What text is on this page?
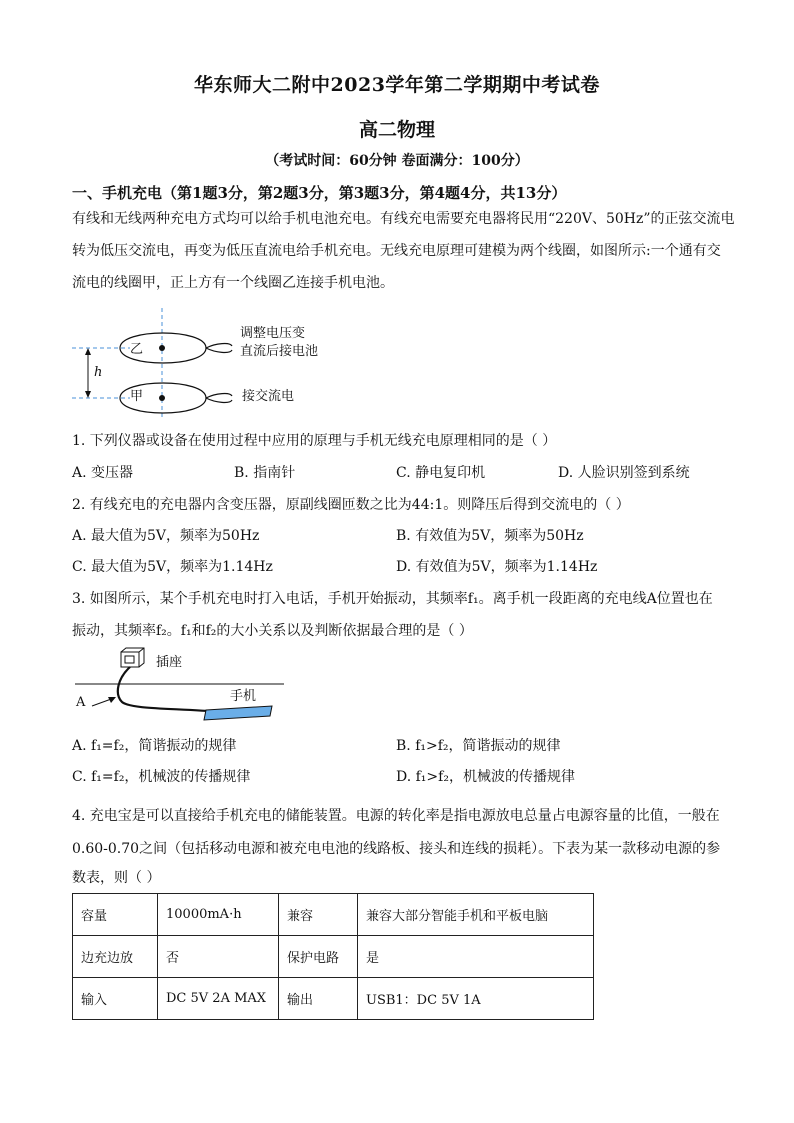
华东师大二附中2023学年第二学期期中考试卷
高二物理
（考试时间：60分钟 卷面满分：100分）
一、手机充电（第1题3分，第2题3分，第3题3分，第4题4分，共13分）
有线和无线两种充电方式均可以给手机电池充电。有线充电需要充电器将民用“220V、50Hz”的正弦交流电
转为低压交流电，再变为低压直流电给手机充电。无线充电原理可建模为两个线圈，如图所示:一个通有交
流电的线圈甲，正上方有一个线圈乙连接手机电池。
h
乙
甲
调整电压变
直流后接电池
接交流电
1. 下列仪器或设备在使用过程中应用的原理与手机无线充电原理相同的是（ ）
A. 变压器	B. 指南针	C. 静电复印机	D. 人脸识别签到系统
2. 有线充电的充电器内含变压器，原副线圈匝数之比为44:1。则降压后得到交流电的（ ）
A. 最大值为5V，频率为50Hz	B. 有效值为5V，频率为50Hz
C. 最大值为5V，频率为1.14Hz	D. 有效值为5V，频率为1.14Hz
3. 如图所示，某个手机充电时打入电话，手机开始振动，其频率f₁。离手机一段距离的充电线A位置也在
振动，其频率f₂。f₁和f₂的大小关系以及判断依据最合理的是（ ）
插座
手机
A
A. f₁=f₂，简谐振动的规律	B. f₁>f₂，简谐振动的规律
C. f₁=f₂，机械波的传播规律	D. f₁>f₂，机械波的传播规律
4. 充电宝是可以直接给手机充电的储能装置。电源的转化率是指电源放电总量占电源容量的比值，一般在
0.60-0.70之间（包括移动电源和被充电电池的线路板、接头和连线的损耗）。下表为某一款移动电源的参
数表，则（ ）
容量	10000mA·h	兼容	兼容大部分智能手机和平板电脑
边充边放	否	保护电路	是
输入	DC 5V 2A MAX	输出	USB1：DC 5V 1A
